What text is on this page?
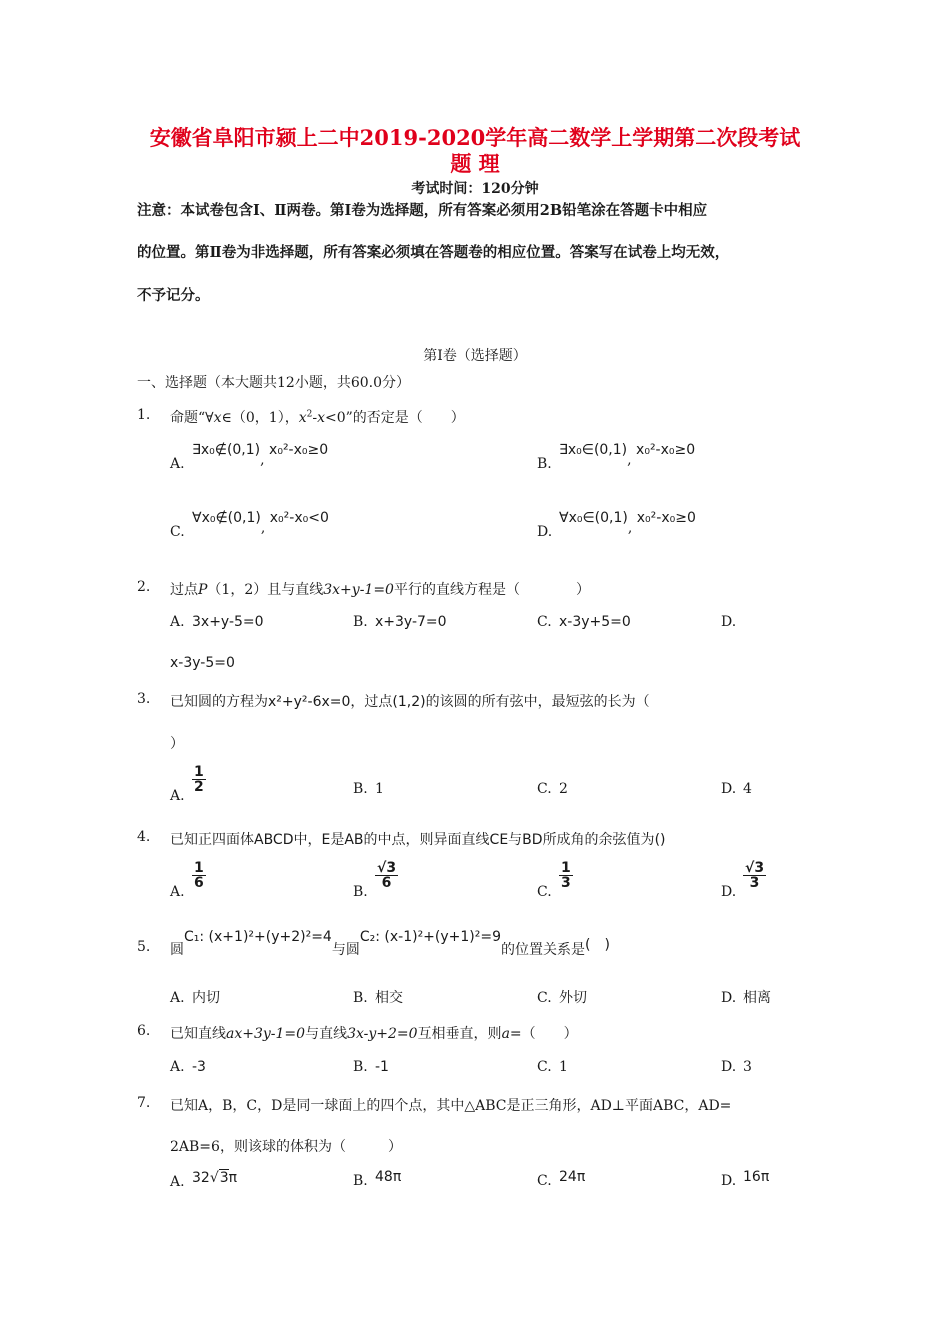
安徽省阜阳市颍上二中2019-2020学年高二数学上学期第二次段考试
题 理
考试时间：120分钟
注意：本试卷包含Ⅰ、Ⅱ两卷。第Ⅰ卷为选择题，所有答案必须用2B铅笔涂在答题卡中相应
的位置。第Ⅱ卷为非选择题，所有答案必须填在答题卷的相应位置。答案写在试卷上均无效，
不予记分。
第Ⅰ卷（选择题）
一、选择题（本大题共12小题，共60.0分）
1.	命题“∀x∈（0，1），$x^2-x<0$”的否定是（　　）
A.∃x₀∉(0,1), x₀²-x₀≥0
B.∃x₀∈(0,1), x₀²-x₀≥0
C.∀x₀∉(0,1), x₀²-x₀<0
D.∀x₀∈(0,1), x₀²-x₀≥0
2.	过点P（1，2）且与直线3x+y-1=0平行的直线方程是（　　　　）
A. 3x+y-5=0	B. x+3y-7=0	C. x-3y+5=0	D.
x-3y-5=0
3.	已知圆的方程为x²+y²-6x=0，过点(1,2)的该圆的所有弦中，最短弦的长为（
）
A.
$\frac{1}{2}$	B. 1	C. 2	D. 4
4.	已知正四面体ABCD中，E是AB的中点，则异面直线CE与BD所成角的余弦值为()
A.
$\frac{1}{6}$
B.
$\frac{√3}{6}$
C.
$\frac{1}{3}$
D.
$\frac{√3}{3}$
5.	圆C₁: (x+1)²+(y+2)²=4与圆C₂: (x-1)²+(y+1)²=9的位置关系是(　)
A. 内切	B. 相交	C. 外切	D. 相离
6.	已知直线ax+3y-1=0与直线3x-y+2=0互相垂直，则a=（　　）
A. -3	B. -1	C. 1	D. 3
7.	已知A，B，C，D是同一球面上的四个点，其中△ABC是正三角形，AD⊥平面ABC，AD=
2AB=6，则该球的体积为（　　　）
A. 32√3π	B. 48π	C. 24π	D. 16π
